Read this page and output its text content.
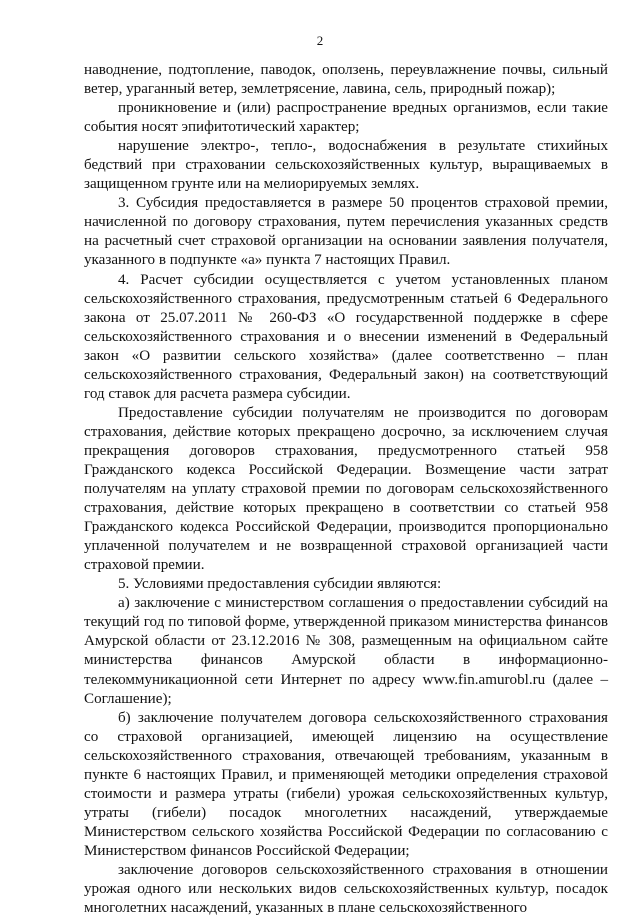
2

наводнение, подтопление, паводок, оползень, переувлажнение почвы, сильный ветер, ураганный ветер, землетрясение, лавина, сель, природный пожар);

проникновение и (или) распространение вредных организмов, если такие события носят эпифитотический характер;

нарушение электро-, тепло-, водоснабжения в результате стихийных бедствий при страховании сельскохозяйственных культур, выращиваемых в защищенном грунте или на мелиорируемых землях.

3. Субсидия предоставляется в размере 50 процентов страховой премии, начисленной по договору страхования, путем перечисления указанных средств на расчетный счет страховой организации на основании заявления получателя, указанного в подпункте «а» пункта 7 настоящих Правил.

4. Расчет субсидии осуществляется с учетом установленных планом сельскохозяйственного страхования, предусмотренным статьей 6 Федерального закона от 25.07.2011 № 260-ФЗ «О государственной поддержке в сфере сельскохозяйственного страхования и о внесении изменений в Федеральный закон «О развитии сельского хозяйства» (далее соответственно – план сельскохозяйственного страхования, Федеральный закон) на соответствующий год ставок для расчета размера субсидии.

Предоставление субсидии получателям не производится по договорам страхования, действие которых прекращено досрочно, за исключением случая прекращения договоров страхования, предусмотренного статьей 958 Гражданского кодекса Российской Федерации. Возмещение части затрат получателям на уплату страховой премии по договорам сельскохозяйственного страхования, действие которых прекращено в соответствии со статьей 958 Гражданского кодекса Российской Федерации, производится пропорционально уплаченной получателем и не возвращенной страховой организацией части страховой премии.

5. Условиями предоставления субсидии являются:

а) заключение с министерством соглашения о предоставлении субсидий на текущий год по типовой форме, утвержденной приказом министерства финансов Амурской области от 23.12.2016 № 308, размещенным на официальном сайте министерства финансов Амурской области в информационно-телекоммуникационной сети Интернет по адресу www.fin.amurobl.ru (далее – Соглашение);

б) заключение получателем договора сельскохозяйственного страхования со страховой организацией, имеющей лицензию на осуществление сельскохозяйственного страхования, отвечающей требованиям, указанным в пункте 6 настоящих Правил, и применяющей методики определения страховой стоимости и размера утраты (гибели) урожая сельскохозяйственных культур, утраты (гибели) посадок многолетних насаждений, утверждаемые Министерством сельского хозяйства Российской Федерации по согласованию с Министерством финансов Российской Федерации;

заключение договоров сельскохозяйственного страхования в отношении урожая одного или нескольких видов сельскохозяйственных культур, посадок многолетних насаждений, указанных в плане сельскохозяйственного
